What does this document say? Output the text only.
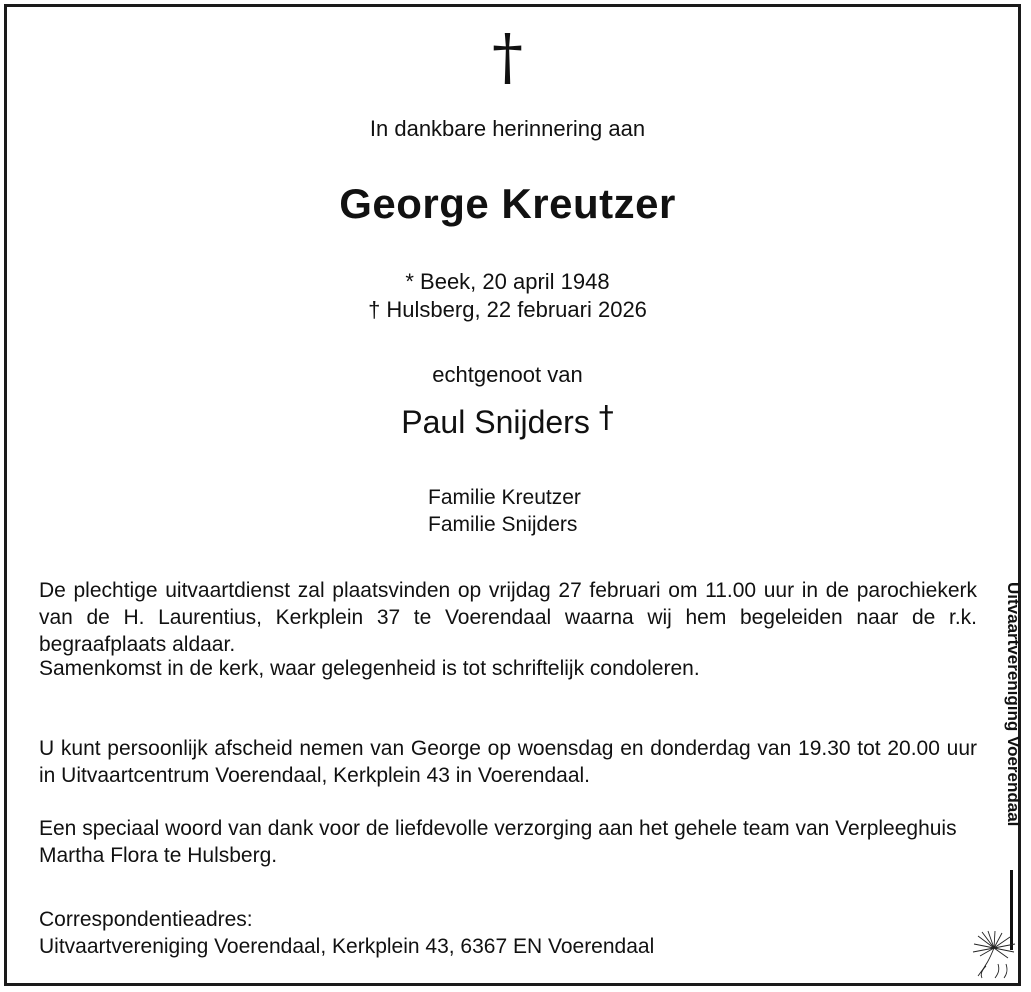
†
In dankbare herinnering aan
George Kreutzer
* Beek, 20 april 1948
† Hulsberg, 22 februari 2026
echtgenoot van
Paul Snijders †
Familie Kreutzer
Familie Snijders
De plechtige uitvaartdienst zal plaatsvinden op vrijdag 27 februari om 11.00 uur in de parochiekerk van de H. Laurentius, Kerkplein 37 te Voerendaal waarna wij hem begeleiden naar de r.k. begraafplaats aldaar.
Samenkomst in de kerk, waar gelegenheid is tot schriftelijk condoleren.
U kunt persoonlijk afscheid nemen van George op woensdag en donderdag van 19.30 tot 20.00 uur in Uitvaartcentrum Voerendaal, Kerkplein 43 in Voerendaal.
Een speciaal woord van dank voor de liefdevolle verzorging aan het gehele team van Verpleeghuis Martha Flora te Hulsberg.
Correspondentieadres:
Uitvaartvereniging Voerendaal, Kerkplein 43, 6367 EN Voerendaal
Uitvaartvereniging Voerendaal
